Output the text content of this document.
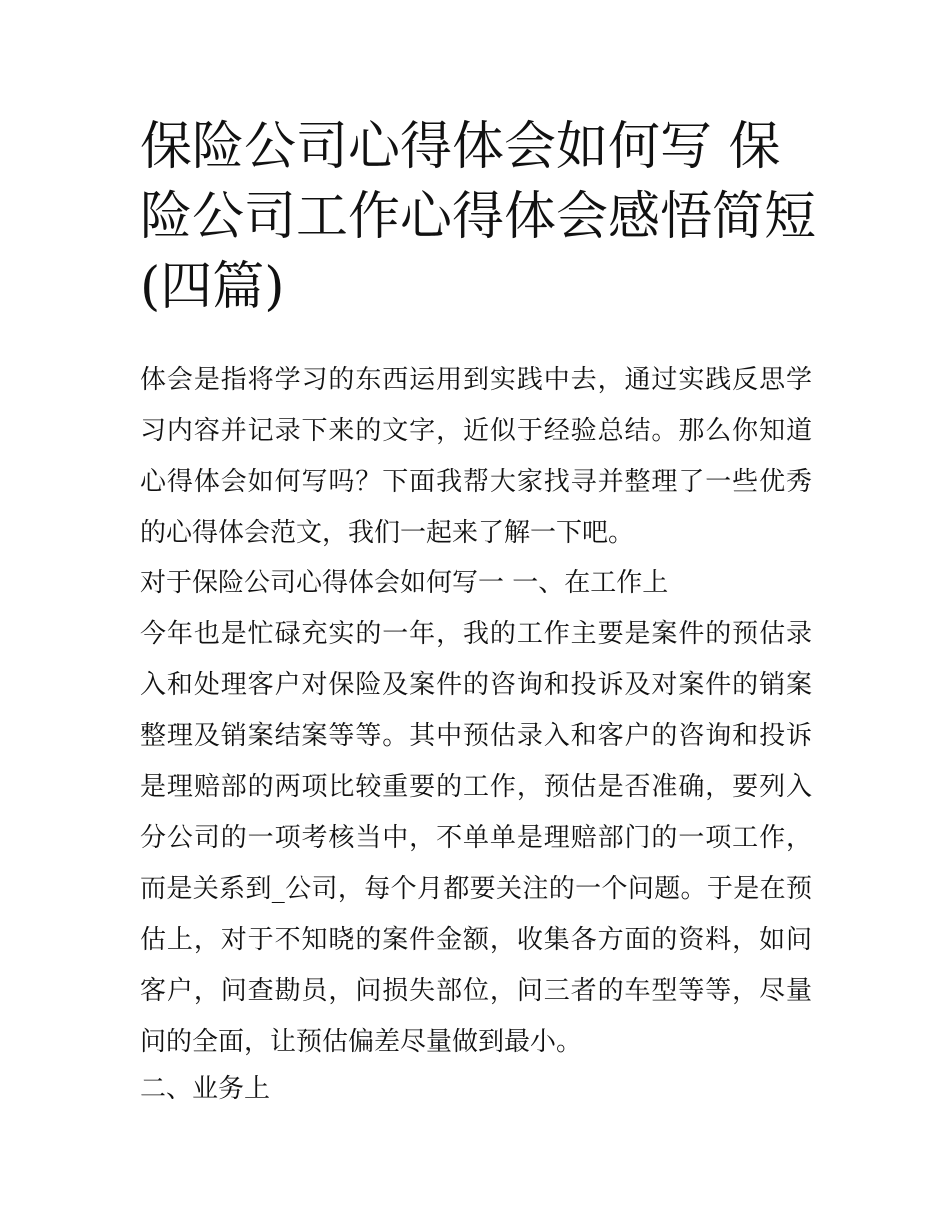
保险公司心得体会如何写 保险公司工作心得体会感悟简短(四篇)

体会是指将学习的东西运用到实践中去，通过实践反思学习内容并记录下来的文字，近似于经验总结。那么你知道心得体会如何写吗？下面我帮大家找寻并整理了一些优秀的心得体会范文，我们一起来了解一下吧。

对于保险公司心得体会如何写一 一、在工作上

今年也是忙碌充实的一年，我的工作主要是案件的预估录入和处理客户对保险及案件的咨询和投诉及对案件的销案整理及销案结案等等。其中预估录入和客户的咨询和投诉是理赔部的两项比较重要的工作，预估是否准确，要列入分公司的一项考核当中，不单单是理赔部门的一项工作，而是关系到_公司，每个月都要关注的一个问题。于是在预估上，对于不知晓的案件金额，收集各方面的资料，如问客户，问查勘员，问损失部位，问三者的车型等等，尽量问的全面，让预估偏差尽量做到最小。

二、业务上
